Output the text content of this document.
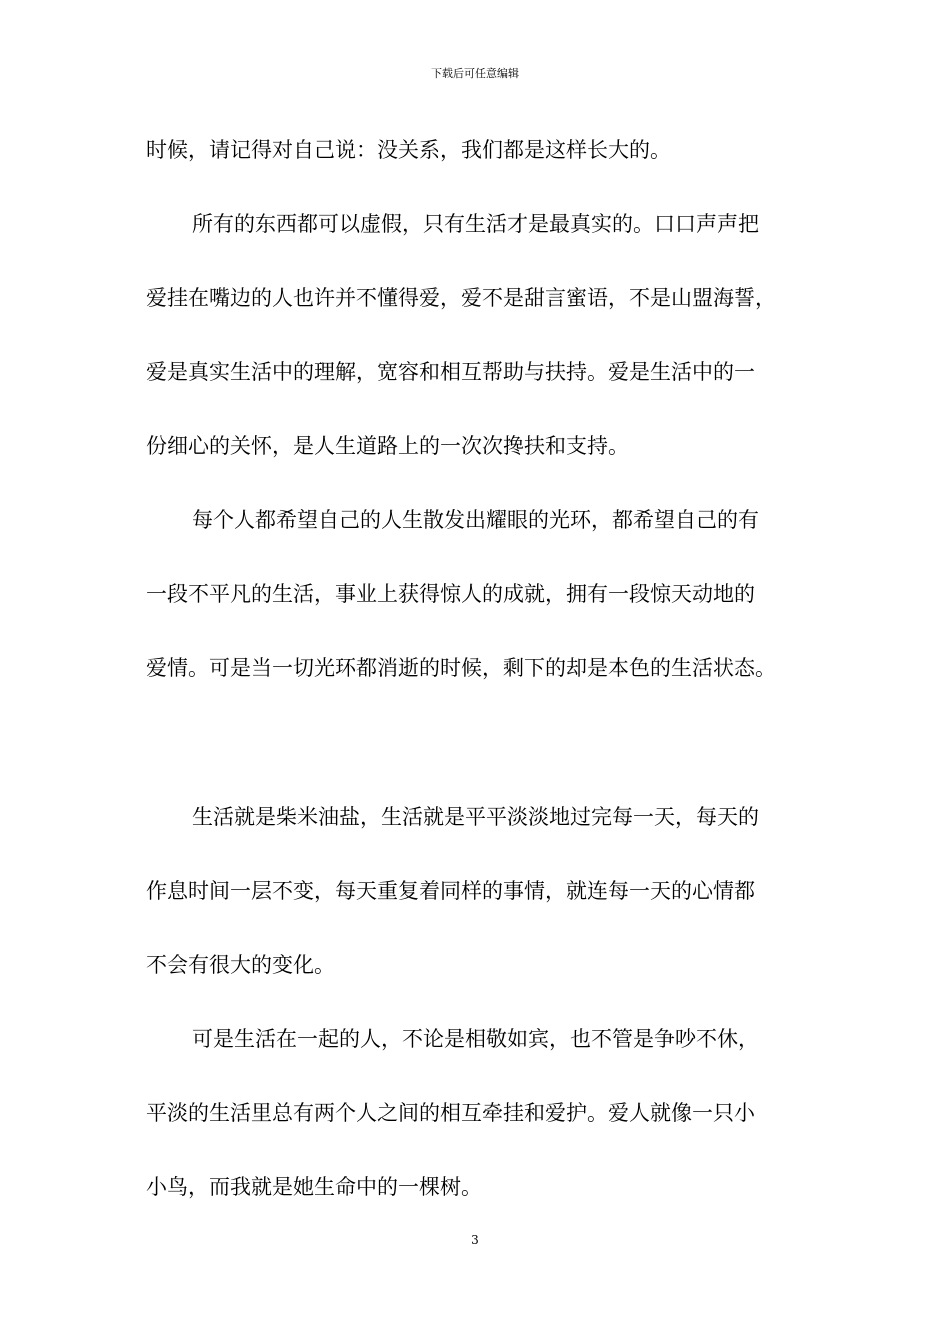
下载后可任意编辑
时候，请记得对自己说：没关系，我们都是这样长大的。
所有的东西都可以虚假，只有生活才是最真实的。口口声声把
爱挂在嘴边的人也许并不懂得爱，爱不是甜言蜜语，不是山盟海誓，
爱是真实生活中的理解，宽容和相互帮助与扶持。爱是生活中的一
份细心的关怀，是人生道路上的一次次搀扶和支持。
每个人都希望自己的人生散发出耀眼的光环，都希望自己的有
一段不平凡的生活，事业上获得惊人的成就，拥有一段惊天动地的
爱情。可是当一切光环都消逝的时候，剩下的却是本色的生活状态。
生活就是柴米油盐，生活就是平平淡淡地过完每一天，每天的
作息时间一层不变，每天重复着同样的事情，就连每一天的心情都
不会有很大的变化。
可是生活在一起的人，不论是相敬如宾，也不管是争吵不休，
平淡的生活里总有两个人之间的相互牵挂和爱护。爱人就像一只小
小鸟，而我就是她生命中的一棵树。
3
